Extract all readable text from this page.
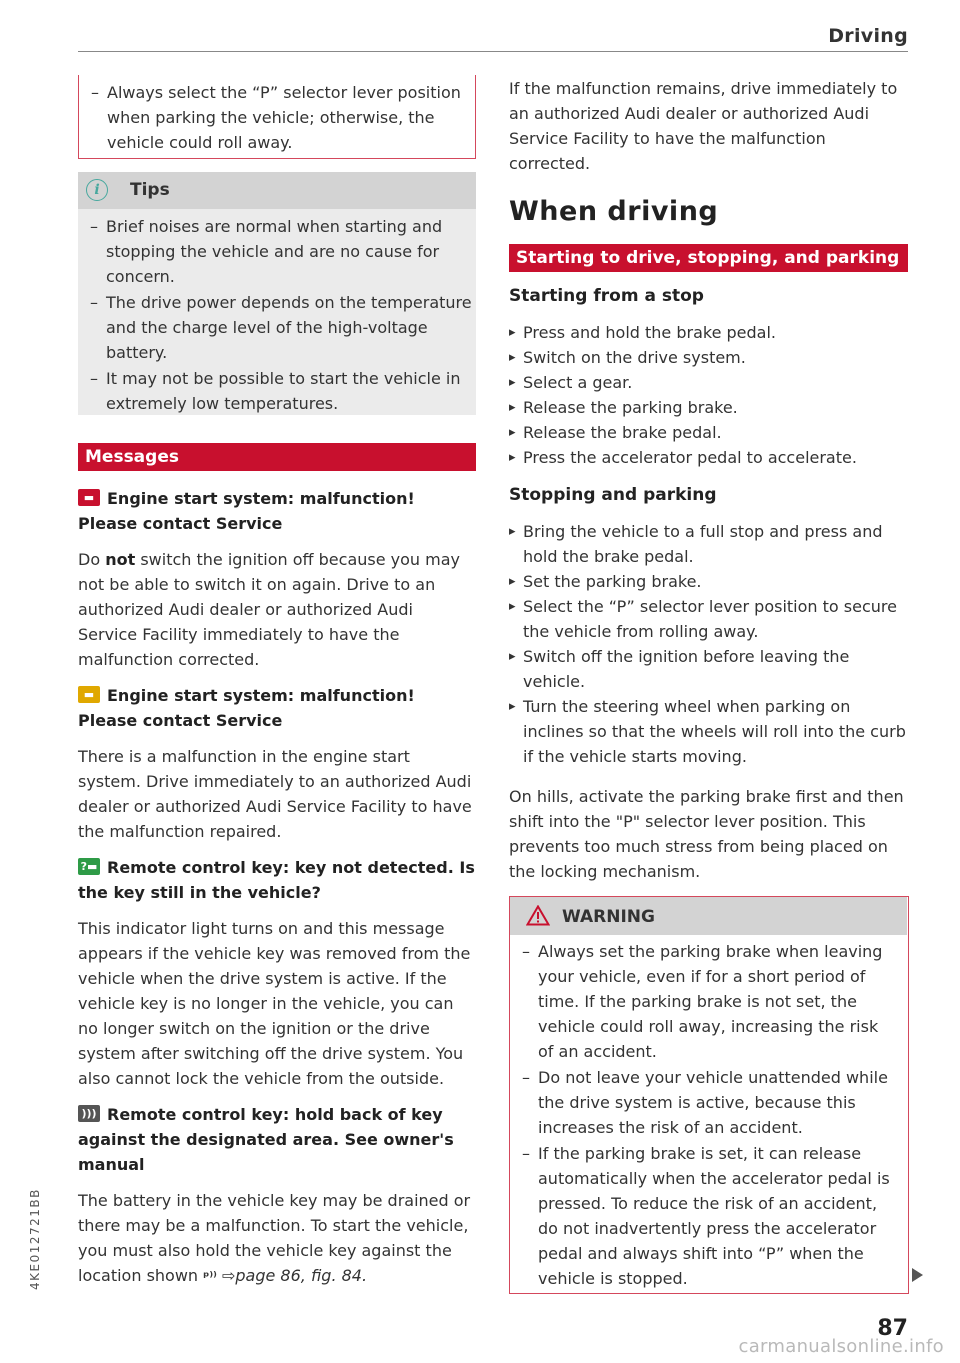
Driving
– Always select the “P” selector lever position when parking the vehicle; otherwise, the vehicle could roll away.
i	Tips
– Brief noises are normal when starting and stopping the vehicle and are no cause for concern.
– The drive power depends on the temperature and the charge level of the high-voltage battery.
– It may not be possible to start the vehicle in extremely low temperatures.
Messages
▬ Engine start system: malfunction! Please contact Service
Do not switch the ignition off because you may not be able to switch it on again. Drive to an authorized Audi dealer or authorized Audi Service Facility immediately to have the malfunction corrected.
▬ Engine start system: malfunction! Please contact Service
There is a malfunction in the engine start system. Drive immediately to an authorized Audi dealer or authorized Audi Service Facility to have the malfunction repaired.
?▬ Remote control key: key not detected. Is the key still in the vehicle?
This indicator light turns on and this message appears if the vehicle key was removed from the vehicle when the drive system is active. If the vehicle key is no longer in the vehicle, you can no longer switch on the ignition or the drive system after switching off the drive system. You also cannot lock the vehicle from the outside.
))) Remote control key: hold back of key against the designated area. See owner's manual
The battery in the vehicle key may be drained or there may be a malfunction. To start the vehicle, you must also hold the vehicle key against the location shown ᵖ⁾⁾ ⇨page 86, fig. 84.
If the malfunction remains, drive immediately to an authorized Audi dealer or authorized Audi Service Facility to have the malfunction corrected.
When driving
Starting to drive, stopping, and parking
Starting from a stop
▸ Press and hold the brake pedal.
▸ Switch on the drive system.
▸ Select a gear.
▸ Release the parking brake.
▸ Release the brake pedal.
▸ Press the accelerator pedal to accelerate.
Stopping and parking
▸ Bring the vehicle to a full stop and press and hold the brake pedal.
▸ Set the parking brake.
▸ Select the “P” selector lever position to secure the vehicle from rolling away.
▸ Switch off the ignition before leaving the vehicle.
▸ Turn the steering wheel when parking on inclines so that the wheels will roll into the curb if the vehicle starts moving.
On hills, activate the parking brake first and then shift into the "P" selector lever position. This prevents too much stress from being placed on the locking mechanism.
WARNING
– Always set the parking brake when leaving your vehicle, even if for a short period of time. If the parking brake is not set, the vehicle could roll away, increasing the risk of an accident.
– Do not leave your vehicle unattended while the drive system is active, because this increases the risk of an accident.
– If the parking brake is set, it can release automatically when the accelerator pedal is pressed. To reduce the risk of an accident, do not inadvertently press the accelerator pedal and always shift into “P” when the vehicle is stopped.
87
4KE012721BB
carmanualsonline.info
